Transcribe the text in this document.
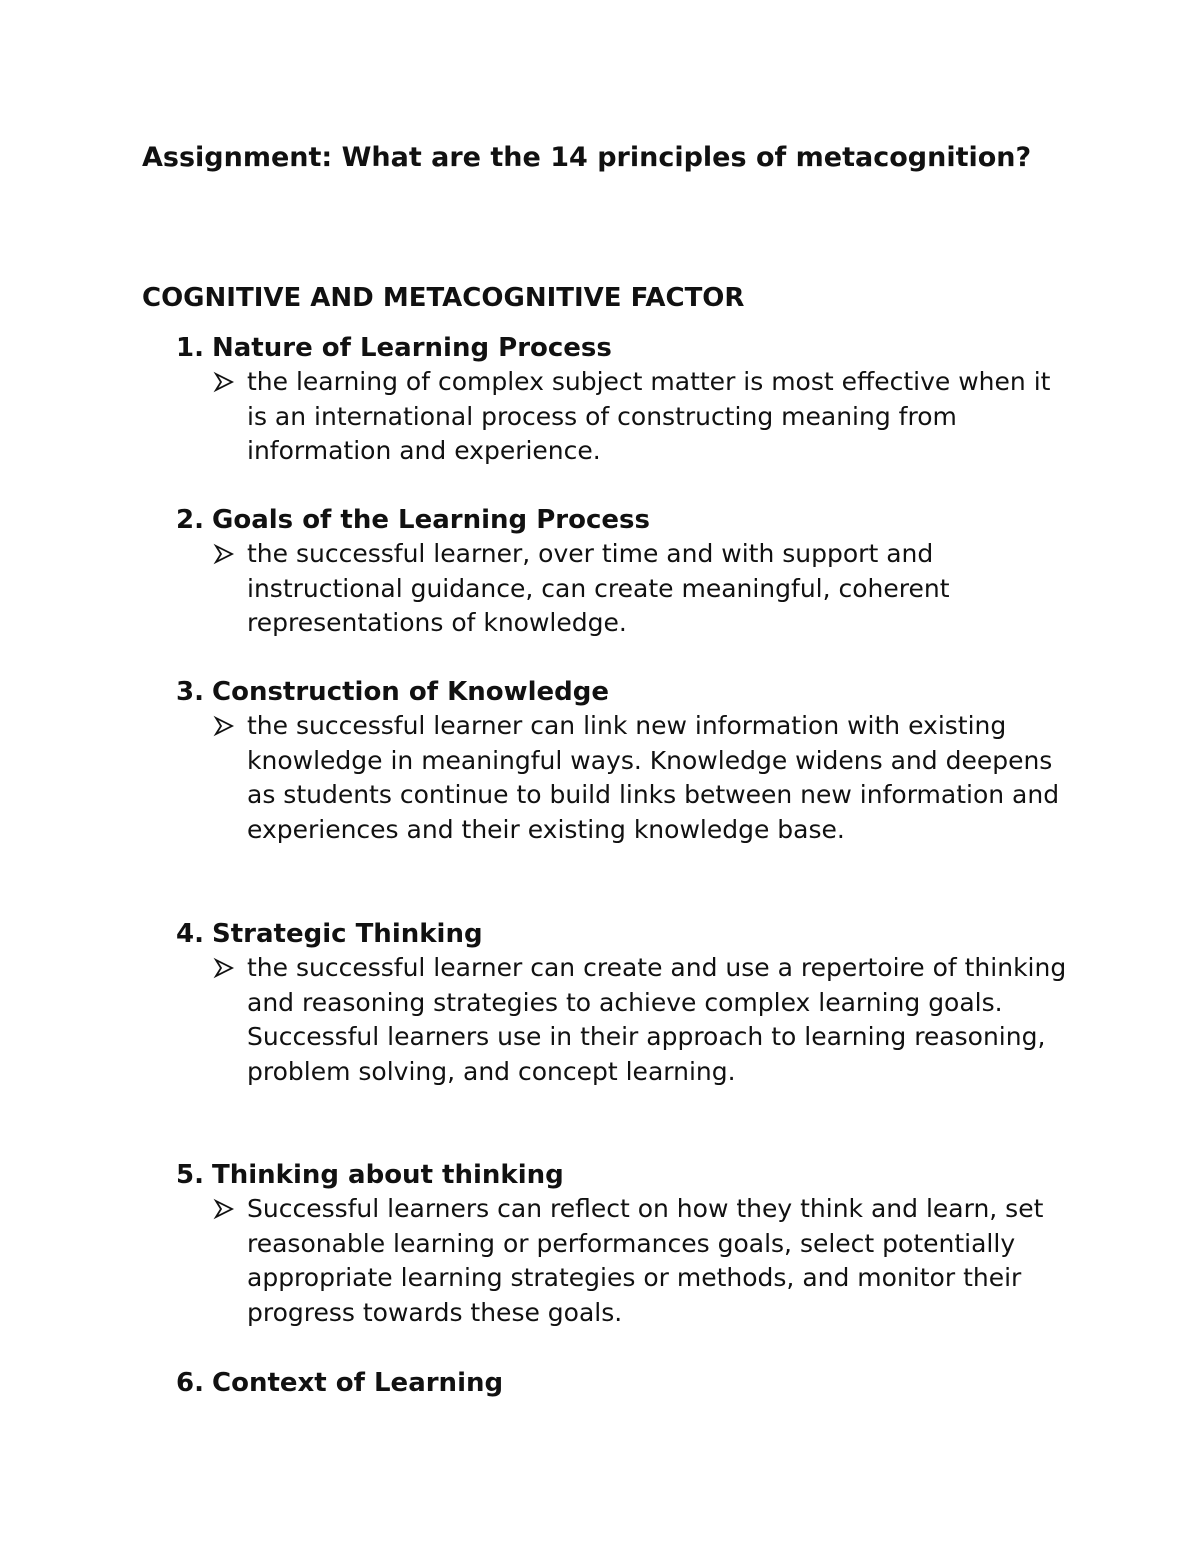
Assignment: What are the 14 principles of metacognition?
COGNITIVE AND METACOGNITIVE FACTOR
1. Nature of Learning Process

the learning of complex subject matter is most effective when it is an international process of constructing meaning from information and experience.

2. Goals of the Learning Process

the successful learner, over time and with support and instructional guidance, can create meaningful, coherent representations of knowledge.

3. Construction of Knowledge

the successful learner can link new information with existing knowledge in meaningful ways. Knowledge widens and deepens as students continue to build links between new information and experiences and their existing knowledge base.

4. Strategic Thinking

the successful learner can create and use a repertoire of thinking and reasoning strategies to achieve complex learning goals. Successful learners use in their approach to learning reasoning, problem solving, and concept learning.

5. Thinking about thinking

Successful learners can reflect on how they think and learn, set reasonable learning or performances goals, select potentially appropriate learning strategies or methods, and monitor their progress towards these goals.

6. Context of Learning
